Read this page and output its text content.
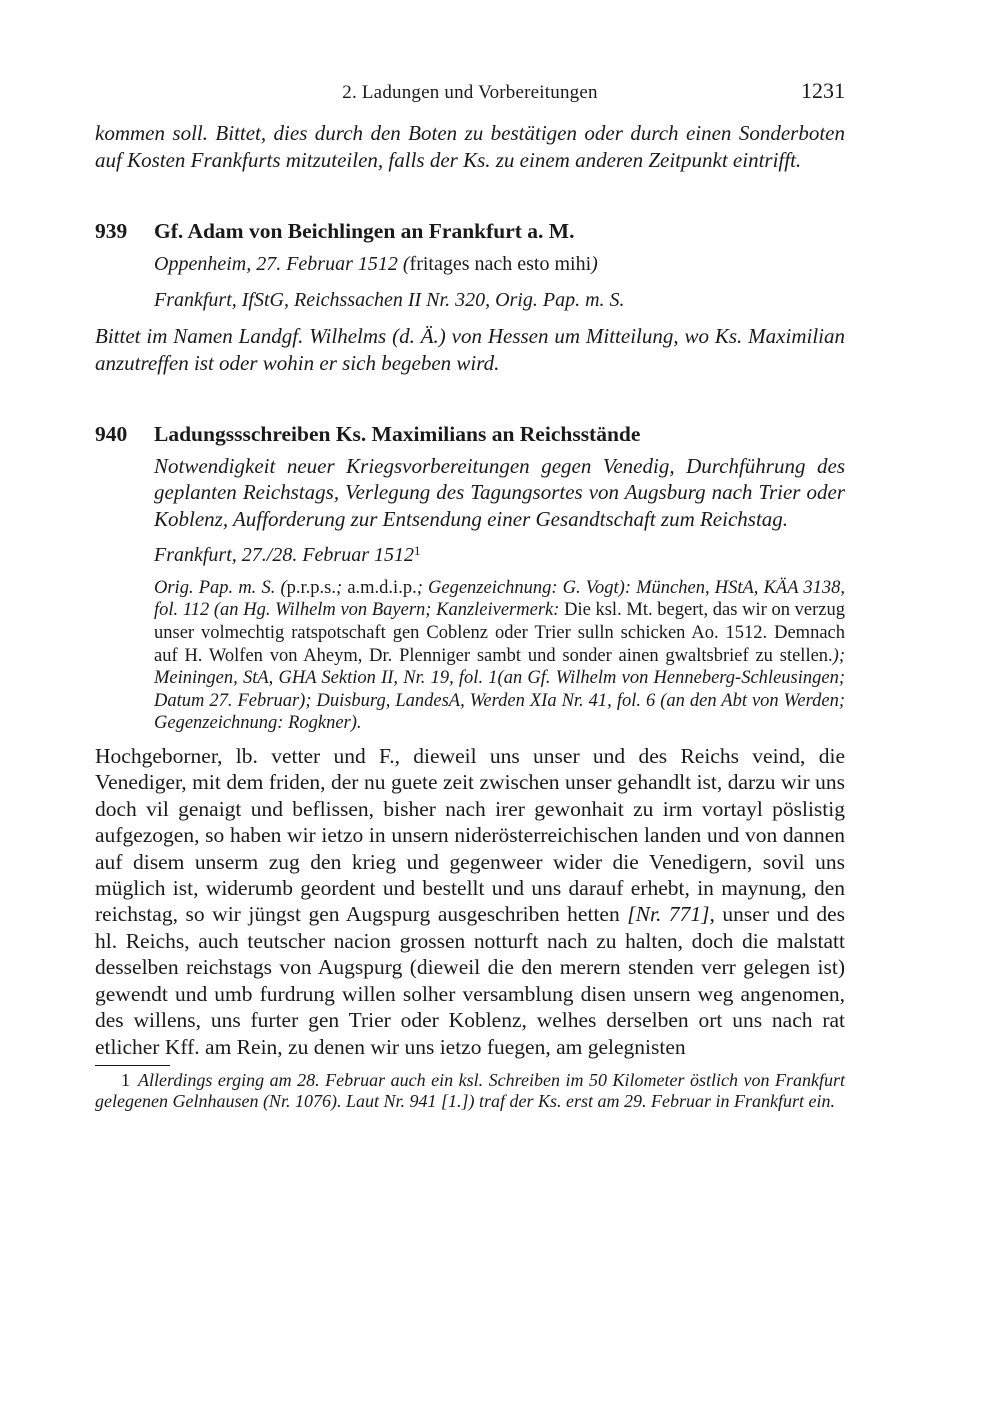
2. Ladungen und Vorbereitungen	1231

kommen soll. Bittet, dies durch den Boten zu bestätigen oder durch einen Sonderboten auf Kosten Frankfurts mitzuteilen, falls der Ks. zu einem anderen Zeitpunkt eintrifft.

939	Gf. Adam von Beichlingen an Frankfurt a. M.
Oppenheim, 27. Februar 1512 (fritages nach esto mihi)
Frankfurt, IfStG, Reichssachen II Nr. 320, Orig. Pap. m. S.

Bittet im Namen Landgf. Wilhelms (d. Ä.) von Hessen um Mitteilung, wo Ks. Maximilian anzutreffen ist oder wohin er sich begeben wird.

940	Ladungssschreiben Ks. Maximilians an Reichsstände

Notwendigkeit neuer Kriegsvorbereitungen gegen Venedig, Durchführung des geplanten Reichstags, Verlegung des Tagungsortes von Augsburg nach Trier oder Koblenz, Aufforderung zur Entsendung einer Gesandtschaft zum Reichstag.

Frankfurt, 27./28. Februar 1512$^1$

Orig. Pap. m. S. (p.r.p.s.; a.m.d.i.p.; Gegenzeichnung: G. Vogt): München, HStA, KÄA 3138, fol. 112 (an Hg. Wilhelm von Bayern; Kanzleivermerk: Die ksl. Mt. begert, das wir on verzug unser volmechtig ratspotschaft gen Coblenz oder Trier sulln schicken Ao. 1512. Demnach auf H. Wolfen von Aheym, Dr. Plenniger sambt und sonder ainen gwaltsbrief zu stellen.); Meiningen, StA, GHA Sektion II, Nr. 19, fol. 1(an Gf. Wilhelm von Henneberg-Schleusingen; Datum 27. Februar); Duisburg, LandesA, Werden XIa Nr. 41, fol. 6 (an den Abt von Werden; Gegenzeichnung: Rogkner).

Hochgeborner, lb. vetter und F., dieweil uns unser und des Reichs veind, die Venediger, mit dem friden, der nu guete zeit zwischen unser gehandlt ist, darzu wir uns doch vil genaigt und beflissen, bisher nach irer gewonhait zu irm vortayl pöslistig aufgezogen, so haben wir ietzo in unsern niderösterreichischen landen und von dannen auf disem unserm zug den krieg und gegenweer wider die Venedigern, sovil uns müglich ist, widerumb geordent und bestellt und uns darauf erhebt, in maynung, den reichstag, so wir jüngst gen Augspurg ausgeschriben hetten [Nr. 771], unser und des hl. Reichs, auch teutscher nacion grossen notturft nach zu halten, doch die malstatt desselben reichstags von Augspurg (dieweil die den merern stenden verr gelegen ist) gewendt und umb furdrung willen solher versamblung disen unsern weg angenomen, des willens, uns furter gen Trier oder Koblenz, welhes derselben ort uns nach rat etlicher Kff. am Rein, zu denen wir uns ietzo fuegen, am gelegnisten

1 Allerdings erging am 28. Februar auch ein ksl. Schreiben im 50 Kilometer östlich von Frankfurt gelegenen Gelnhausen (Nr. 1076). Laut Nr. 941 [1.]) traf der Ks. erst am 29. Februar in Frankfurt ein.
